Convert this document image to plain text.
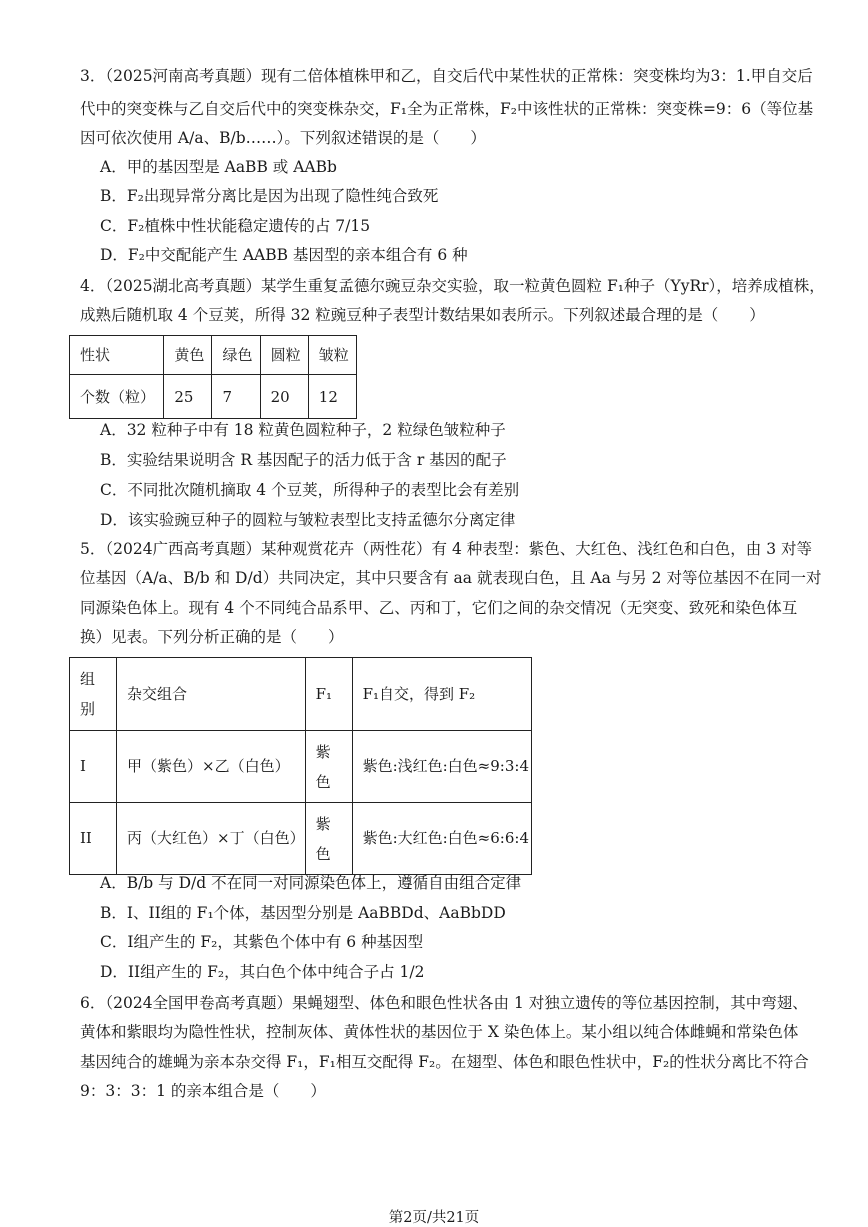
3．（2025河南高考真题）现有二倍体植株甲和乙，自交后代中某性状的正常株：突变株均为3：1.甲自交后
代中的突变株与乙自交后代中的突变株杂交，F₁全为正常株，F₂中该性状的正常株：突变株=9：6（等位基
因可依次使用 A/a、B/b……）。下列叙述错误的是（　　）
A．甲的基因型是 AaBB 或 AABb
B．F₂出现异常分离比是因为出现了隐性纯合致死
C．F₂植株中性状能稳定遗传的占 7/15
D．F₂中交配能产生 AABB 基因型的亲本组合有 6 种
4．（2025湖北高考真题）某学生重复孟德尔豌豆杂交实验，取一粒黄色圆粒 F₁种子（YyRr），培养成植株，
成熟后随机取 4 个豆荚，所得 32 粒豌豆种子表型计数结果如表所示。下列叙述最合理的是（　　）
性状	黄色	绿色	圆粒	皱粒
个数（粒）	25	7	20	12
A．32 粒种子中有 18 粒黄色圆粒种子，2 粒绿色皱粒种子
B．实验结果说明含 R 基因配子的活力低于含 r 基因的配子
C．不同批次随机摘取 4 个豆荚，所得种子的表型比会有差别
D．该实验豌豆种子的圆粒与皱粒表型比支持孟德尔分离定律
5．（2024广西高考真题）某种观赏花卉（两性花）有 4 种表型：紫色、大红色、浅红色和白色，由 3 对等
位基因（A/a、B/b 和 D/d）共同决定，其中只要含有 aa 就表现白色，且 Aa 与另 2 对等位基因不在同一对
同源染色体上。现有 4 个不同纯合品系甲、乙、丙和丁，它们之间的杂交情况（无突变、致死和染色体互
换）见表。下列分析正确的是（　　）
组别	杂交组合	F₁	F₁自交，得到 F₂
I	甲（紫色）×乙（白色）	紫色	紫色:浅红色:白色≈9:3:4
II	丙（大红色）×丁（白色）	紫色	紫色:大红色:白色≈6:6:4
A．B/b 与 D/d 不在同一对同源染色体上，遵循自由组合定律
B．I、II组的 F₁个体，基因型分别是 AaBBDd、AaBbDD
C．I组产生的 F₂，其紫色个体中有 6 种基因型
D．II组产生的 F₂，其白色个体中纯合子占 1/2
6．（2024全国甲卷高考真题）果蝇翅型、体色和眼色性状各由 1 对独立遗传的等位基因控制，其中弯翅、
黄体和紫眼均为隐性性状，控制灰体、黄体性状的基因位于 X 染色体上。某小组以纯合体雌蝇和常染色体
基因纯合的雄蝇为亲本杂交得 F₁，F₁相互交配得 F₂。在翅型、体色和眼色性状中，F₂的性状分离比不符合
9：3：3：1 的亲本组合是（　　）
第2页/共21页
